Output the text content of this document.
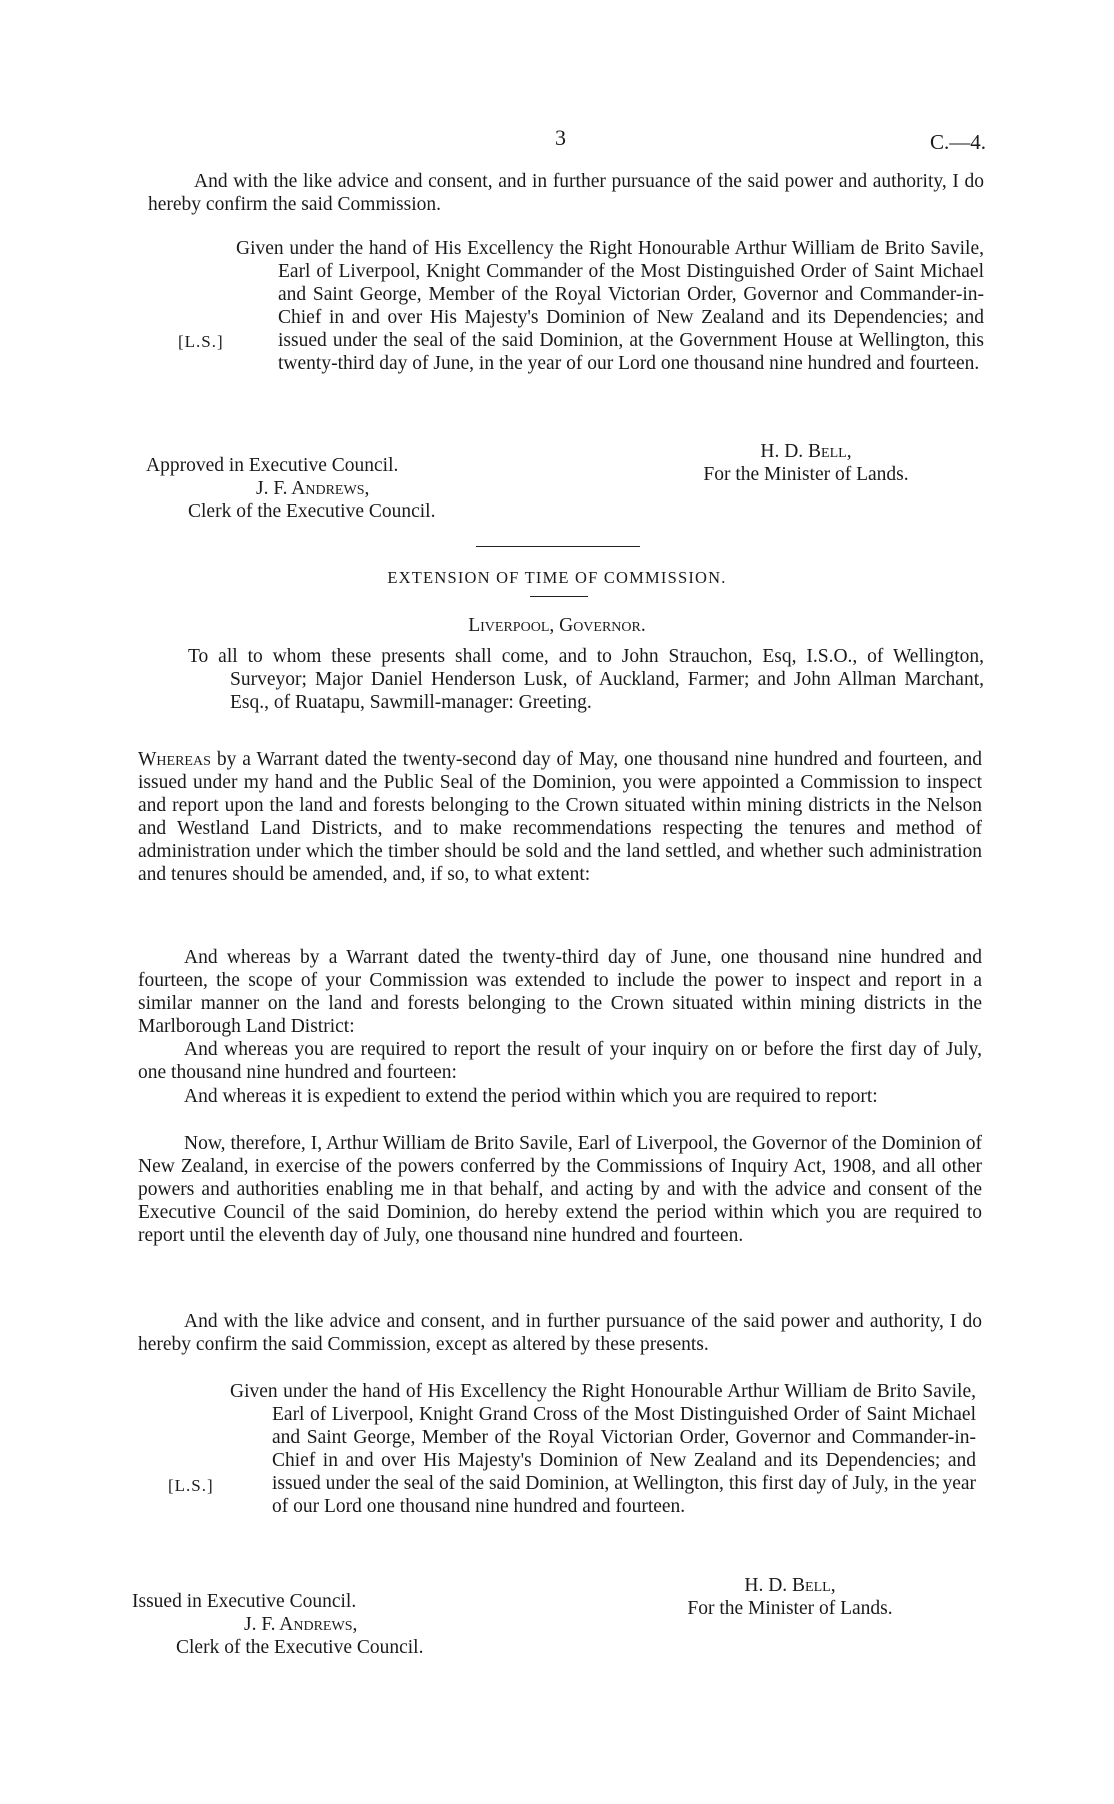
3	C.—4.
And with the like advice and consent, and in further pursuance of the said power and authority, I do hereby confirm the said Commission.
Given under the hand of His Excellency the Right Honourable Arthur William de Brito Savile, Earl of Liverpool, Knight Commander of the Most Distinguished Order of Saint Michael and Saint George, Member of the Royal Victorian Order, Governor and Commander-in-Chief in and over His Majesty's Dominion of New Zealand and its Dependencies; and issued under the seal of the said Dominion, at the Government House at Wellington, this twenty-third day of June, in the year of our Lord one thousand nine hundred and fourteen.
[L.S.]
H. D. Bell,
For the Minister of Lands.
Approved in Executive Council.
J. F. Andrews,
Clerk of the Executive Council.
EXTENSION OF TIME OF COMMISSION.
Liverpool, Governor.
To all to whom these presents shall come, and to John Strauchon, Esq, I.S.O., of Wellington, Surveyor; Major Daniel Henderson Lusk, of Auckland, Farmer; and John Allman Marchant, Esq., of Ruatapu, Sawmill-manager: Greeting.
Whereas by a Warrant dated the twenty-second day of May, one thousand nine hundred and fourteen, and issued under my hand and the Public Seal of the Dominion, you were appointed a Commission to inspect and report upon the land and forests belonging to the Crown situated within mining districts in the Nelson and Westland Land Districts, and to make recommendations respecting the tenures and method of administration under which the timber should be sold and the land settled, and whether such administration and tenures should be amended, and, if so, to what extent:
And whereas by a Warrant dated the twenty-third day of June, one thousand nine hundred and fourteen, the scope of your Commission was extended to include the power to inspect and report in a similar manner on the land and forests belonging to the Crown situated within mining districts in the Marlborough Land District:
And whereas you are required to report the result of your inquiry on or before the first day of July, one thousand nine hundred and fourteen:
And whereas it is expedient to extend the period within which you are required to report:
Now, therefore, I, Arthur William de Brito Savile, Earl of Liverpool, the Governor of the Dominion of New Zealand, in exercise of the powers conferred by the Commissions of Inquiry Act, 1908, and all other powers and authorities enabling me in that behalf, and acting by and with the advice and consent of the Executive Council of the said Dominion, do hereby extend the period within which you are required to report until the eleventh day of July, one thousand nine hundred and fourteen.
And with the like advice and consent, and in further pursuance of the said power and authority, I do hereby confirm the said Commission, except as altered by these presents.
Given under the hand of His Excellency the Right Honourable Arthur William de Brito Savile, Earl of Liverpool, Knight Grand Cross of the Most Distinguished Order of Saint Michael and Saint George, Member of the Royal Victorian Order, Governor and Commander-in-Chief in and over His Majesty's Dominion of New Zealand and its Dependencies; and issued under the seal of the said Dominion, at Wellington, this first day of July, in the year of our Lord one thousand nine hundred and fourteen.
[L.S.]
H. D. Bell,
For the Minister of Lands.
Issued in Executive Council.
J. F. Andrews,
Clerk of the Executive Council.
